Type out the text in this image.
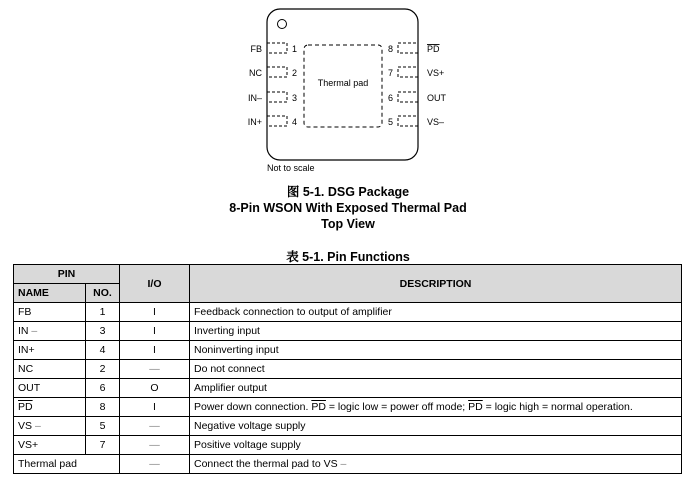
Thermal pad
FB
NC
IN–
IN+
1
2
3
4
8
7
6
5
PD
VS+
OUT
VS–
Not to scale
图 5-1. DSG Package
8-Pin WSON With Exposed Thermal Pad
Top View
表 5-1. Pin Functions
PIN		I/O	DESCRIPTION
NAME	NO.		
FB	1	I	Feedback connection to output of amplifier
IN –	3	I	Inverting input
IN+	4	I	Noninverting input
NC	2	—	Do not connect
OUT	6	O	Amplifier output
$\overline{PD}$	8	I	Power down connection. $\overline{PD}$ = logic low = power off mode; $\overline{PD}$ = logic high = normal operation.
VS –	5	—	Negative voltage supply
VS+	7	—	Positive voltage supply
Thermal pad		—	Connect the thermal pad to VS –
